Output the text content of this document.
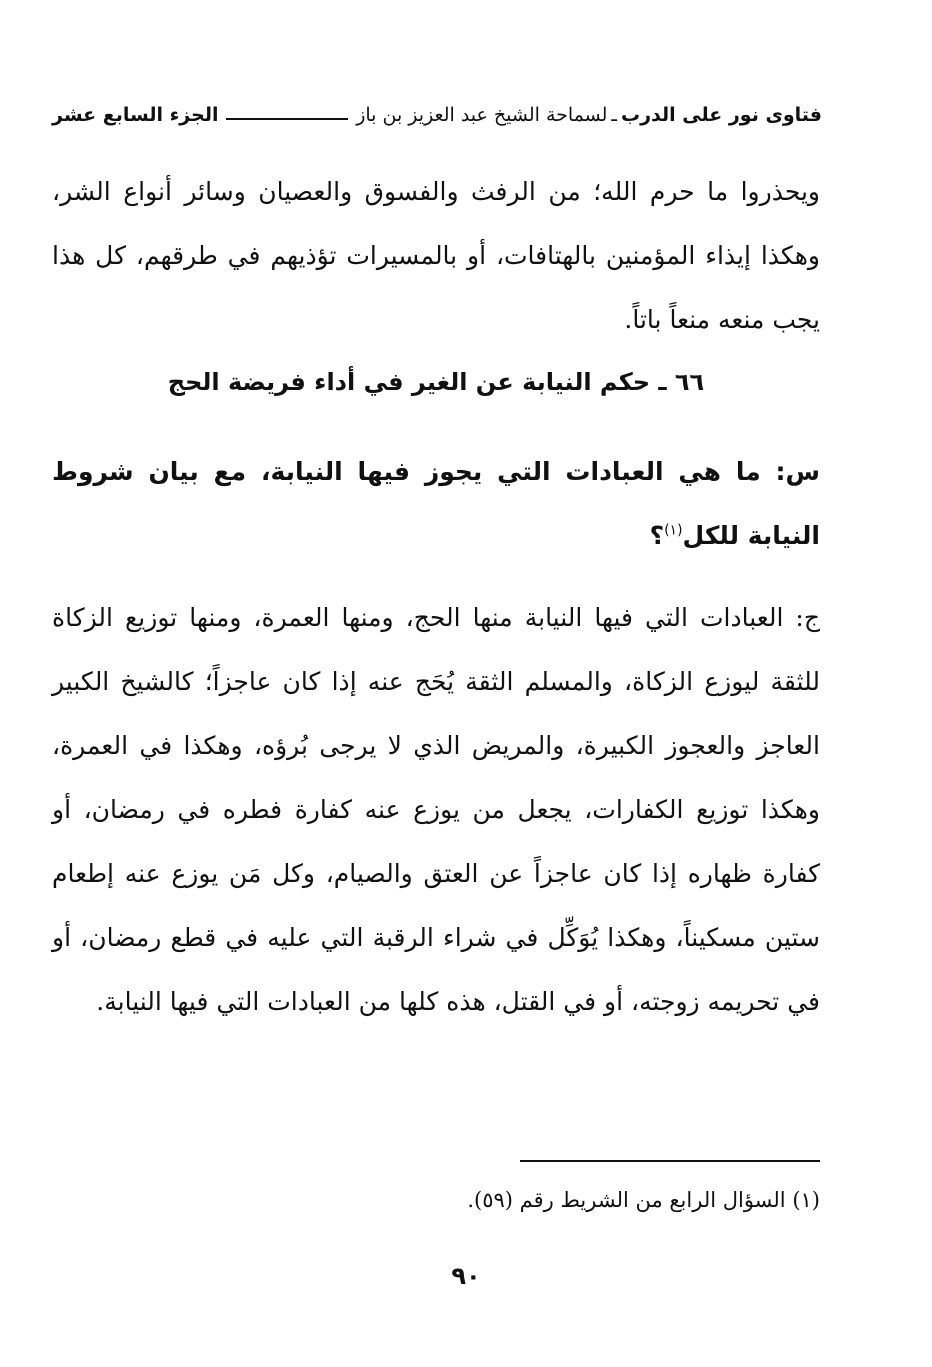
فتاوى نور على الدرب
ـ
لسماحة الشيخ عبد العزيز بن باز
الجزء السابع عشر

ويحذروا ما حرم الله؛ من الرفث والفسوق والعصيان وسائر أنواع الشر، وهكذا إيذاء المؤمنين بالهتافات، أو بالمسيرات تؤذيهم في طرقهم، كل هذا يجب منعه منعاً باتاً.

٦٦ ـ حكم النيابة عن الغير في أداء فريضة الحج

س: ما هي العبادات التي يجوز فيها النيابة، مع بيان شروط النيابة للكل$^{(١)}$؟

ج: العبادات التي فيها النيابة منها الحج، ومنها العمرة، ومنها توزيع الزكاة للثقة ليوزع الزكاة، والمسلم الثقة يُحَج عنه إذا كان عاجزاً؛ كالشيخ الكبير العاجز والعجوز الكبيرة، والمريض الذي لا يرجى بُرؤه، وهكذا في العمرة، وهكذا توزيع الكفارات، يجعل من يوزع عنه كفارة فطره في رمضان، أو كفارة ظهاره إذا كان عاجزاً عن العتق والصيام، وكل مَن يوزع عنه إطعام ستين مسكيناً، وهكذا يُوَكِّل في شراء الرقبة التي عليه في قطع رمضان، أو في تحريمه زوجته، أو في القتل، هذه كلها من العبادات التي فيها النيابة.

(١) السؤال الرابع من الشريط رقم (٥٩).

٩٠
